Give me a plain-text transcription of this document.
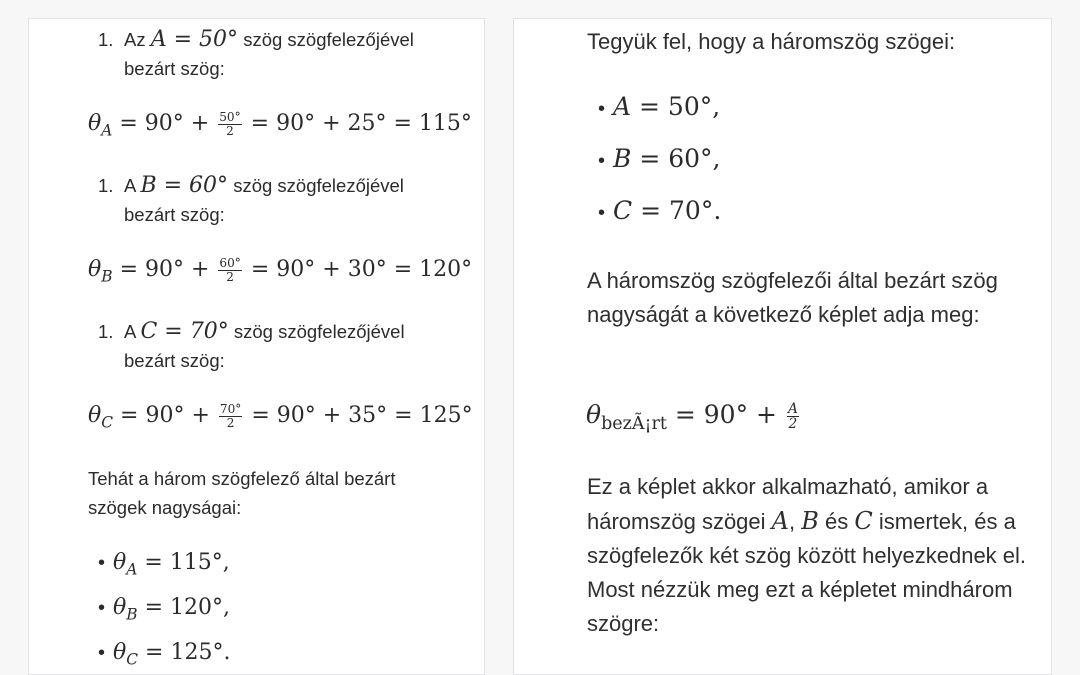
1. Az A = 50° szög szögfelezőjével bezárt szög:
$\theta_A = 90^\circ + \frac{50^\circ}{2} = 90^\circ + 25^\circ = 115^\circ$
1. A B = 60° szög szögfelezőjével bezárt szög:
$\theta_B = 90^\circ + \frac{60^\circ}{2} = 90^\circ + 30^\circ = 120^\circ$
1. A C = 70° szög szögfelezőjével bezárt szög:
$\theta_C = 90^\circ + \frac{70^\circ}{2} = 90^\circ + 35^\circ = 125^\circ$
Tehát a három szögfelező által bezárt szögek nagyságai:
• $\theta_A = 115^\circ$,
• $\theta_B = 120^\circ$,
• $\theta_C = 125^\circ$.
Tegyük fel, hogy a háromszög szögei:
• A = 50°,
• B = 60°,
• C = 70°.
A háromszög szögfelezői által bezárt szög nagyságát a következő képlet adja meg:
$\theta_{bezÃ¡rt} = 90^\circ + \frac{A}{2}$
Ez a képlet akkor alkalmazható, amikor a háromszög szögei A, B és C ismertek, és a szögfelezők két szög között helyezkednek el. Most nézzük meg ezt a képletet mindhárom szögre:
